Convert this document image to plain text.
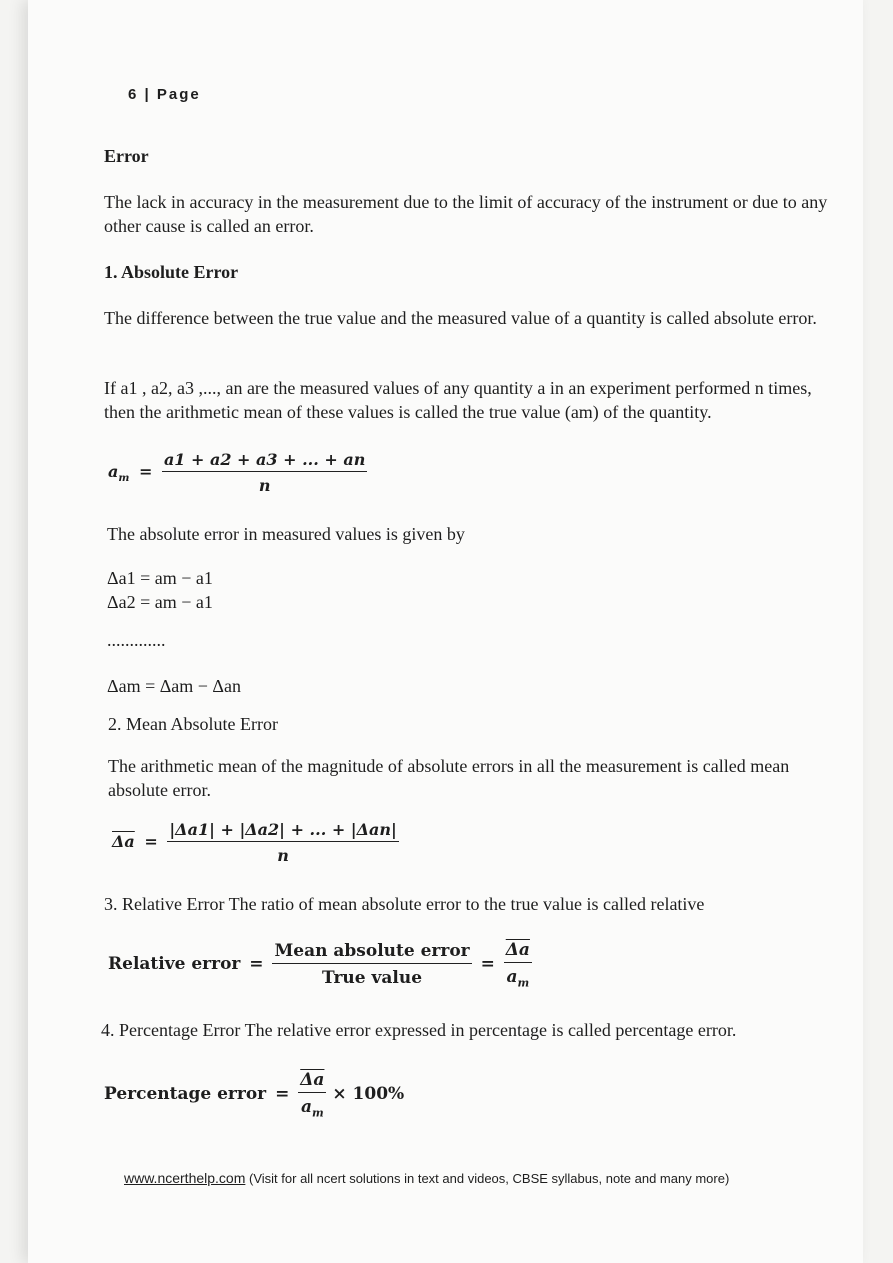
6 | Page
Error
The lack in accuracy in the measurement due to the limit of accuracy of the instrument or due to any other cause is called an error.
1. Absolute Error
The difference between the true value and the measured value of a quantity is called absolute error.
If a1 , a2, a3 ,..., an are the measured values of any quantity a in an experiment performed n times, then the arithmetic mean of these values is called the true value (am) of the quantity.
$a_m = \frac{a1 + a2 + a3 + ... + an}{n}$
The absolute error in measured values is given by
Δa1 = am − a1
Δa2 = am − a1
.............
Δam = Δam − Δan
2. Mean Absolute Error
The arithmetic mean of the magnitude of absolute errors in all the measurement is called mean absolute error.
$\overline{\Delta a} = \frac{\text{|Δa1| + |Δa2| + ... + |Δan|}}{n}$
3. Relative Error The ratio of mean absolute error to the true value is called relative
Relative error = $\frac{\text{Mean absolute error}}{\text{True value}} = \frac{\overline{\Delta a}}{a_m}$
4. Percentage Error The relative error expressed in percentage is called percentage error.
Percentage error = $\frac{\overline{\Delta a}}{a_m} \times 100\%$
www.ncerthelp.com (Visit for all ncert solutions in text and videos, CBSE syllabus, note and many more)
